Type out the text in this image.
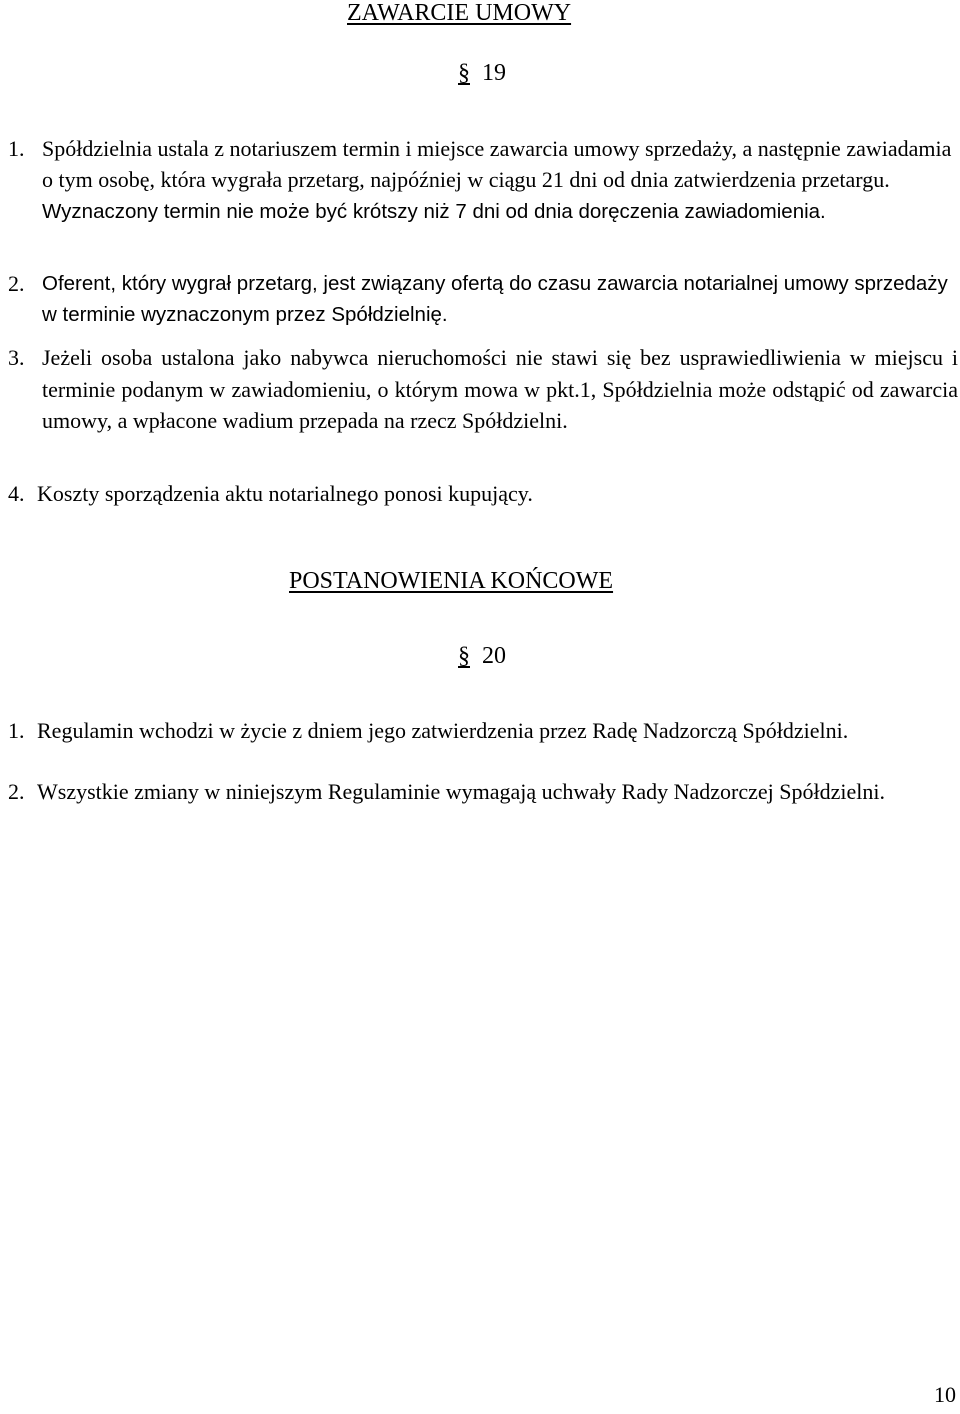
ZAWARCIE UMOWY
§ 19
1. Spółdzielnia ustala z notariuszem termin i miejsce zawarcia umowy sprzedaży, a następnie zawiadamia o tym osobę, która wygrała przetarg, najpóźniej w ciągu 21 dni od dnia zatwierdzenia przetargu. Wyznaczony termin nie może być krótszy niż 7 dni od dnia doręczenia zawiadomienia.
2. Oferent, który wygrał przetarg, jest związany ofertą do czasu zawarcia notarialnej umowy sprzedaży w terminie wyznaczonym przez Spółdzielnię.
3. Jeżeli osoba ustalona jako nabywca nieruchomości nie stawi się bez usprawiedliwienia w miejscu i terminie podanym w zawiadomieniu, o którym mowa w pkt.1, Spółdzielnia może odstąpić od zawarcia umowy, a wpłacone wadium przepada na rzecz Spółdzielni.
4. Koszty sporządzenia aktu notarialnego ponosi kupujący.
POSTANOWIENIA KOŃCOWE
§ 20
1. Regulamin wchodzi w życie z dniem jego zatwierdzenia przez Radę Nadzorczą Spółdzielni.
2. Wszystkie zmiany w niniejszym Regulaminie wymagają uchwały Rady Nadzorczej Spółdzielni.
10
